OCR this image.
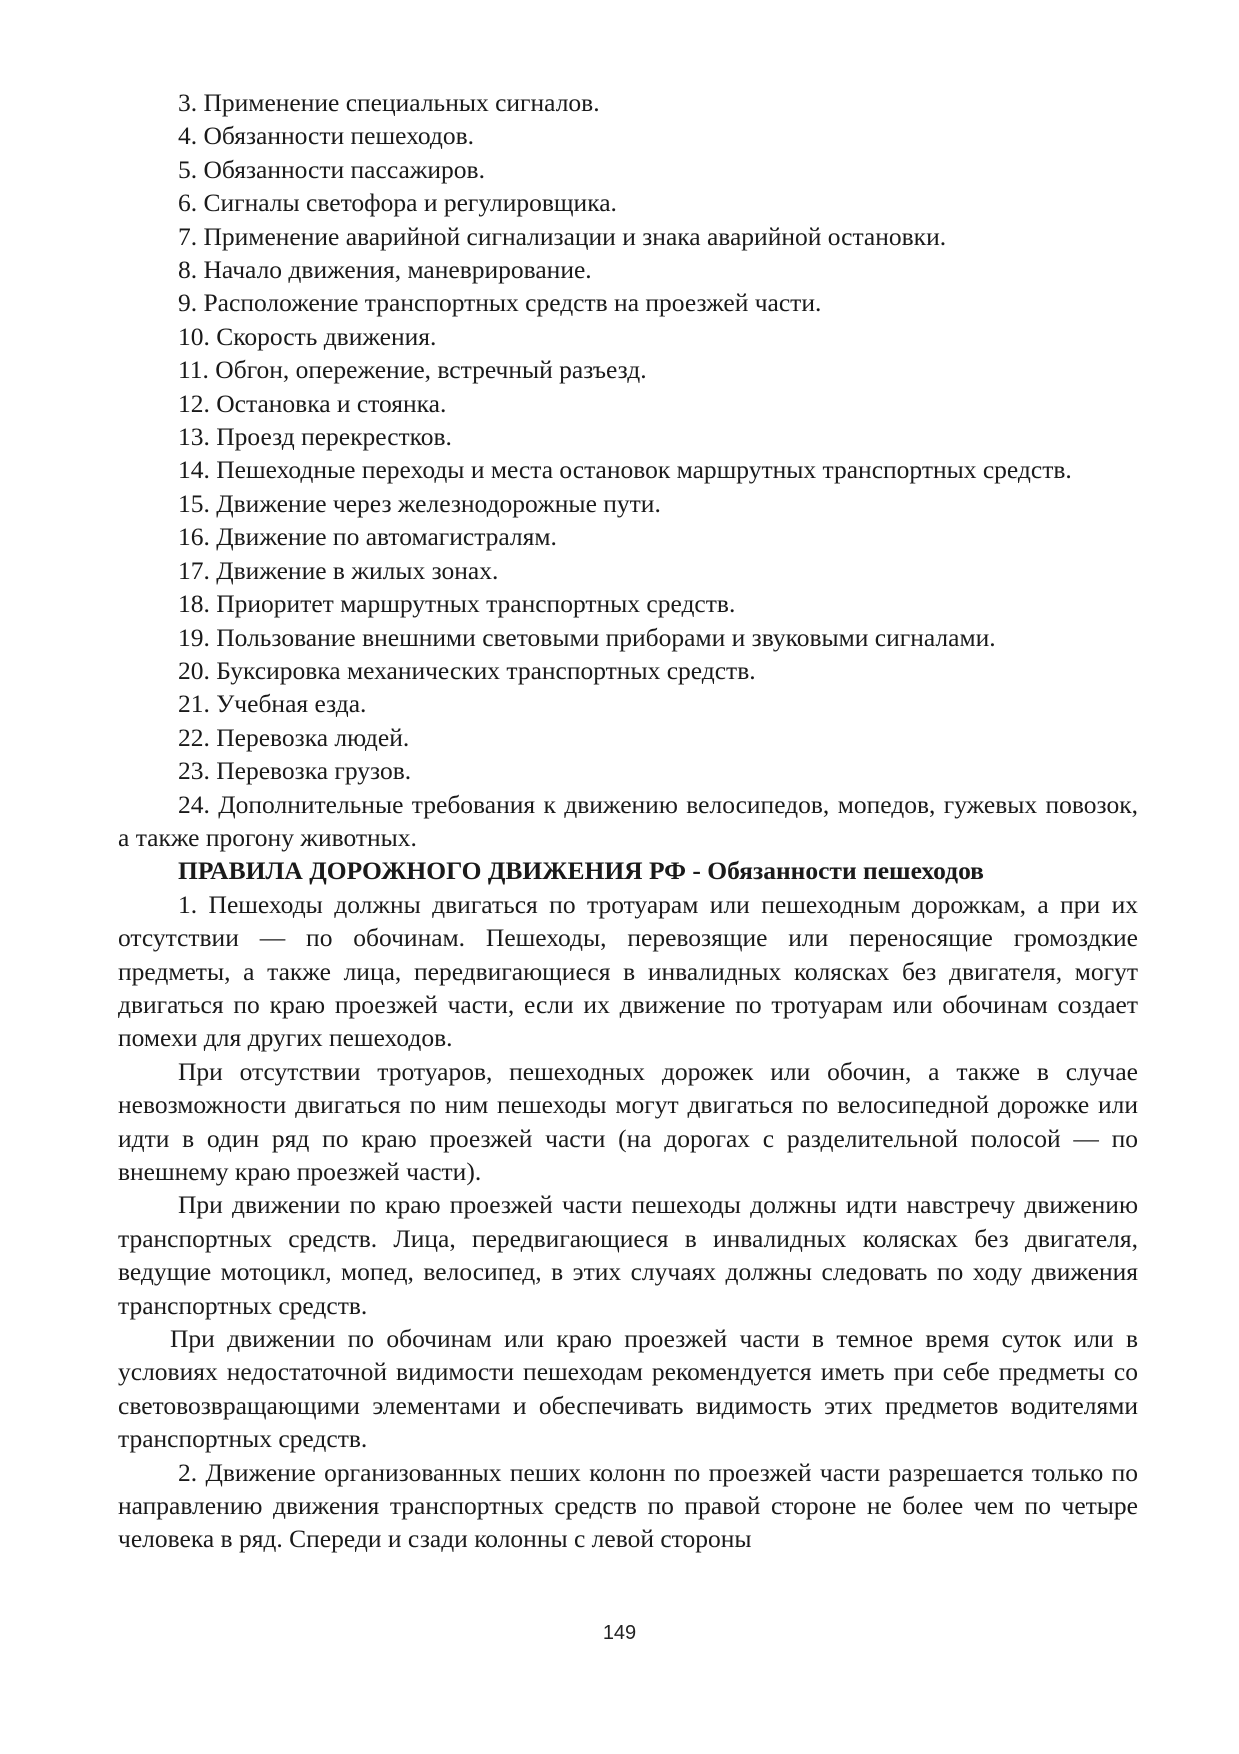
3. Применение специальных сигналов.
4. Обязанности пешеходов.
5. Обязанности пассажиров.
6. Сигналы светофора и регулировщика.
7. Применение аварийной сигнализации и знака аварийной остановки.
8. Начало движения, маневрирование.
9. Расположение транспортных средств на проезжей части.
10. Скорость движения.
11. Обгон, опережение, встречный разъезд.
12. Остановка и стоянка.
13. Проезд перекрестков.
14. Пешеходные переходы и места остановок маршрутных транспортных средств.
15. Движение через железнодорожные пути.
16. Движение по автомагистралям.
17. Движение в жилых зонах.
18. Приоритет маршрутных транспортных средств.
19. Пользование внешними световыми приборами и звуковыми сигналами.
20. Буксировка механических транспортных средств.
21. Учебная езда.
22. Перевозка людей.
23. Перевозка грузов.
24. Дополнительные требования к движению велосипедов, мопедов, гужевых повозок, а также прогону животных.
ПРАВИЛА ДОРОЖНОГО ДВИЖЕНИЯ РФ - Обязанности пешеходов

1. Пешеходы должны двигаться по тротуарам или пешеходным дорожкам, а при их отсутствии — по обочинам. Пешеходы, перевозящие или переносящие громоздкие предметы, а также лица, передвигающиеся в инвалидных колясках без двигателя, могут двигаться по краю проезжей части, если их движение по тротуарам или обочинам создает помехи для других пешеходов.

При отсутствии тротуаров, пешеходных дорожек или обочин, а также в случае невозможности двигаться по ним пешеходы могут двигаться по велосипедной дорожке или идти в один ряд по краю проезжей части (на дорогах с разделительной полосой — по внешнему краю проезжей части).

При движении по краю проезжей части пешеходы должны идти навстречу движению транспортных средств. Лица, передвигающиеся в инвалидных колясках без двигателя, ведущие мотоцикл, мопед, велосипед, в этих случаях должны следовать по ходу движения транспортных средств.

При движении по обочинам или краю проезжей части в темное время суток или в условиях недостаточной видимости пешеходам рекомендуется иметь при себе предметы со световозвращающими элементами и обеспечивать видимость этих предметов водителями транспортных средств.

2. Движение организованных пеших колонн по проезжей части разрешается только по направлению движения транспортных средств по правой стороне не более чем по четыре человека в ряд. Спереди и сзади колонны с левой стороны

149
